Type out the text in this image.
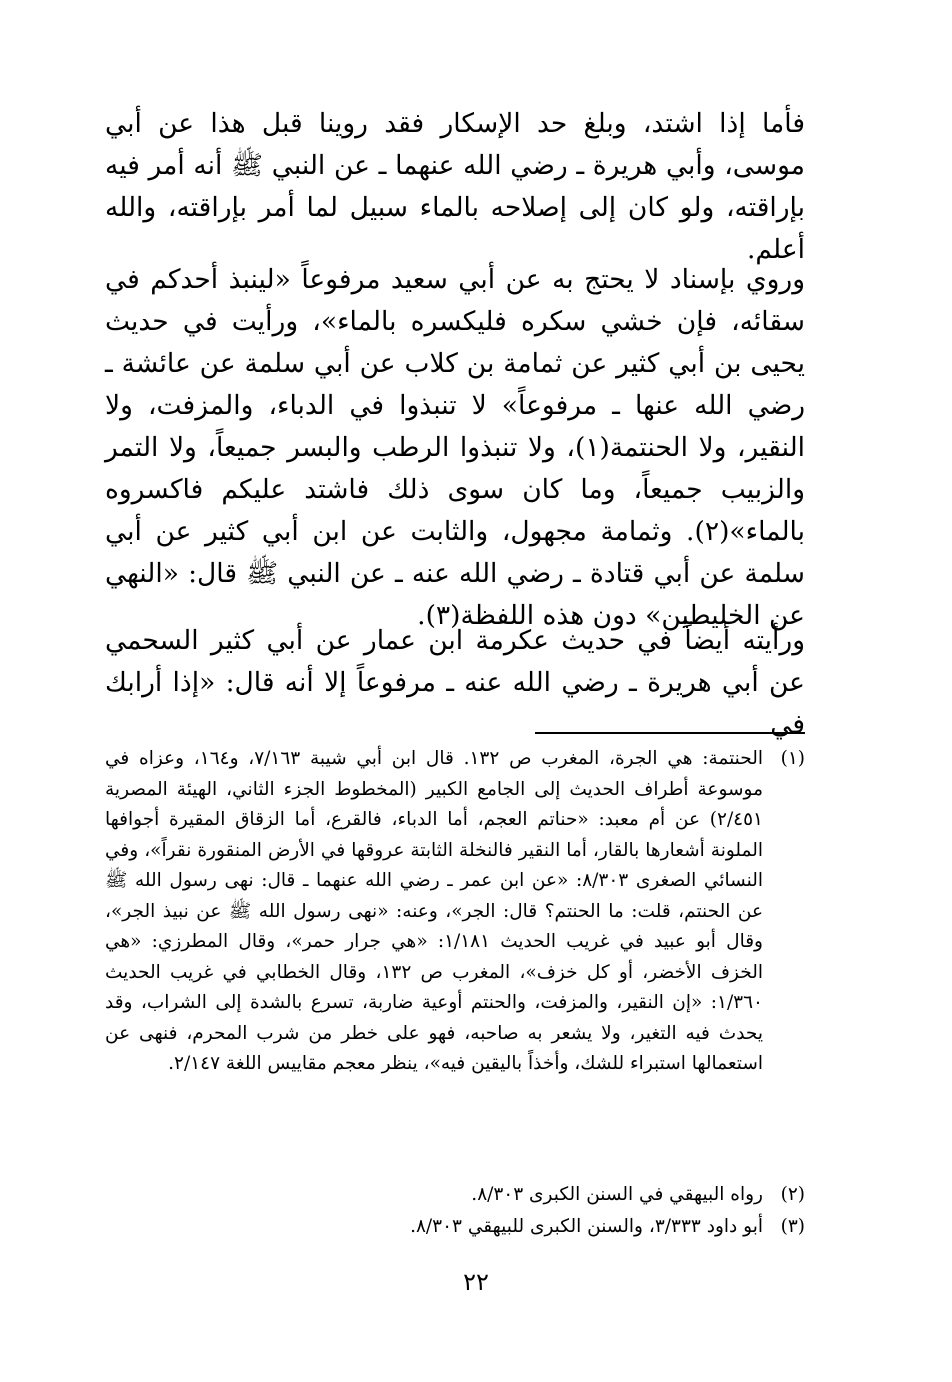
فأما إذا اشتد، وبلغ حد الإسكار فقد روينا قبل هذا عن أبي موسى، وأبي هريرة ـ رضي الله عنهما ـ عن النبي ﷺ أنه أمر فيه بإراقته، ولو كان إلى إصلاحه بالماء سبيل لما أمر بإراقته، والله أعلم.

وروي بإسناد لا يحتج به عن أبي سعيد مرفوعاً «لينبذ أحدكم في سقائه، فإن خشي سكره فليكسره بالماء»، ورأيت في حديث يحيى بن أبي كثير عن ثمامة بن كلاب عن أبي سلمة عن عائشة ـ رضي الله عنها ـ مرفوعاً» لا تنبذوا في الدباء، والمزفت، ولا النقير، ولا الحنتمة(١)، ولا تنبذوا الرطب والبسر جميعاً، ولا التمر والزبيب جميعاً، وما كان سوى ذلك فاشتد عليكم فاكسروه بالماء»(٢). وثمامة مجهول، والثابت عن ابن أبي كثير عن أبي سلمة عن أبي قتادة ـ رضي الله عنه ـ عن النبي ﷺ قال: «النهي عن الخليطين» دون هذه اللفظة(٣).

ورأيته أيضاً في حديث عكرمة ابن عمار عن أبي كثير السحمي عن أبي هريرة ـ رضي الله عنه ـ مرفوعاً إلا أنه قال: «إذا أرابك في

(١)
الحنتمة: هي الجرة، المغرب ص ١٣٢. قال ابن أبي شيبة ٧/١٦٣، و١٦٤، وعزاه في موسوعة أطراف الحديث إلى الجامع الكبير (المخطوط الجزء الثاني، الهيئة المصرية ٢/٤٥١) عن أم معبد: «حناتم العجم، أما الدباء، فالقرع، أما الزقاق المقيرة أجوافها الملونة أشعارها بالقار، أما النقير فالنخلة الثابتة عروقها في الأرض المنقورة نقراً»، وفي النسائي الصغرى ٨/٣٠٣: «عن ابن عمر ـ رضي الله عنهما ـ قال: نهى رسول الله ﷺ عن الحنتم، قلت: ما الحنتم؟ قال: الجر»، وعنه: «نهى رسول الله ﷺ عن نبيذ الجر»، وقال أبو عبيد في غريب الحديث ١/١٨١: «هي جرار حمر»، وقال المطرزي: «هي الخزف الأخضر، أو كل خزف»، المغرب ص ١٣٢، وقال الخطابي في غريب الحديث ١/٣٦٠: «إن النقير، والمزفت، والحنتم أوعية ضاربة، تسرع بالشدة إلى الشراب، وقد يحدث فيه التغير، ولا يشعر به صاحبه، فهو على خطر من شرب المحرم، فنهى عن استعمالها استبراء للشك، وأخذاً باليقين فيه»، ينظر معجم مقاييس اللغة ٢/١٤٧.
(٢)
رواه البيهقي في السنن الكبرى ٨/٣٠٣.
(٣)
أبو داود ٣/٣٣٣، والسنن الكبرى للبيهقي ٨/٣٠٣.
٢٢
